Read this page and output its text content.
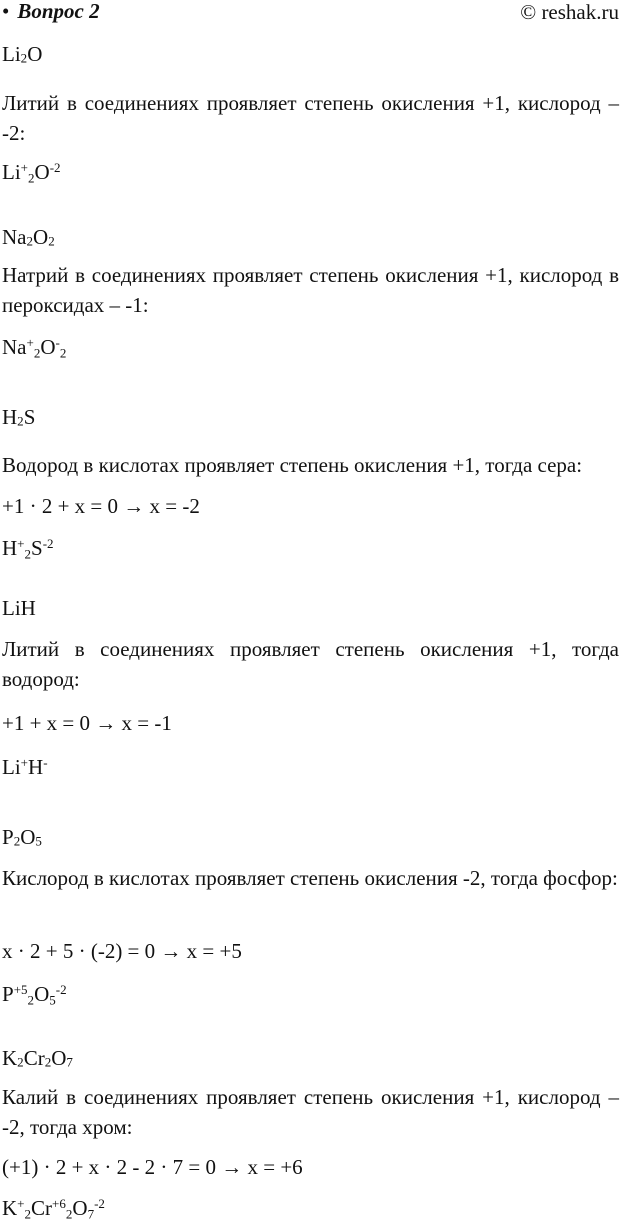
• Вопрос 2	© reshak.ru
Li2O
Литий в соединениях проявляет степень окисления +1, кислород – -2:
$Li^+_2O^{-2}$
Na2O2
Натрий в соединениях проявляет степень окисления +1, кислород в пероксидах – -1:
$Na^+_2O^-_2$
H2S
Водород в кислотах проявляет степень окисления +1, тогда сера:
+1 · 2 + x = 0 → x = -2
$H^+_2S^{-2}$
LiH
Литий в соединениях проявляет степень окисления +1, тогда водород:
+1 + x = 0 → x = -1
Li+H-
P2O5
Кислород в кислотах проявляет степень окисления -2, тогда фосфор:
x · 2 + 5 · (-2) = 0 → x = +5
$P^{+5}_2O_5^{-2}$
K2Cr2O7
Калий в соединениях проявляет степень окисления +1, кислород – -2, тогда хром:
(+1) · 2 + x · 2 - 2 · 7 = 0 → x = +6
$K^+_2Cr^{+6}_2O_7^{-2}$
